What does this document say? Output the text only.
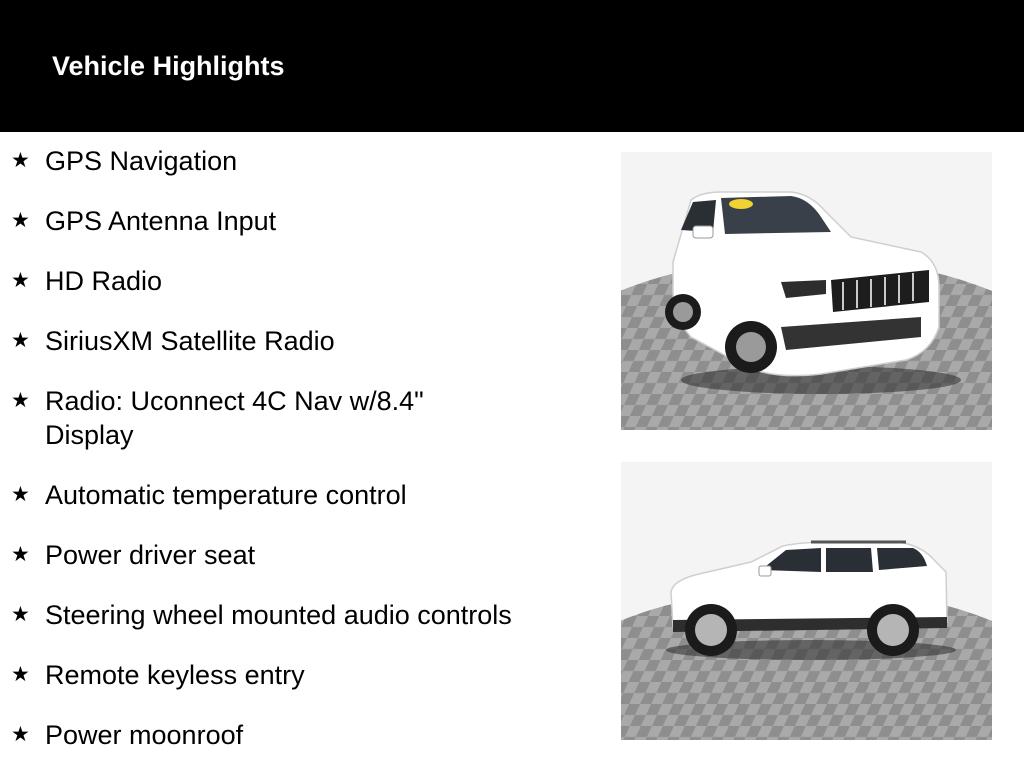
Vehicle Highlights
★ GPS Navigation
★ GPS Antenna Input
★ HD Radio
★ SiriusXM Satellite Radio
★ Radio: Uconnect 4C Nav w/8.4" Display
★ Automatic temperature control
★ Power driver seat
★ Steering wheel mounted audio controls
★ Remote keyless entry
★ Power moonroof
